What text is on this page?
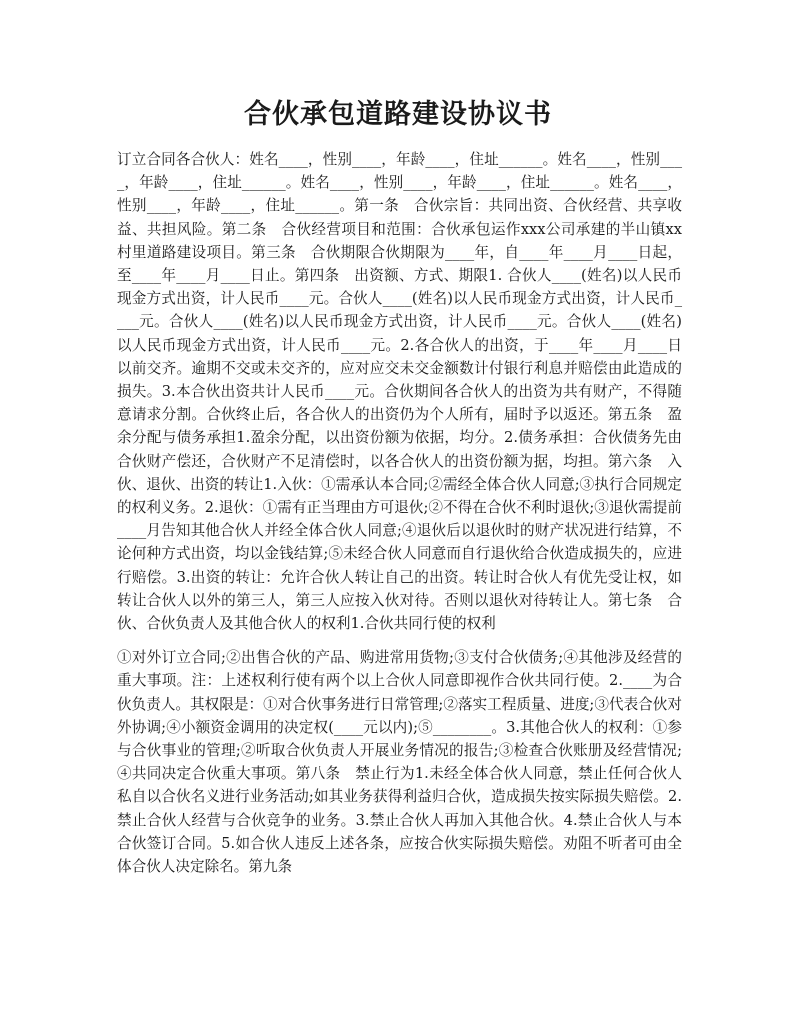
合伙承包道路建设协议书

订立合同各合伙人：姓名____，性别____，年龄____，住址______。姓名____，性别____，年龄____，住址______。姓名____，性别____，年龄____，住址______。姓名____，性别____，年龄____，住址______。第一条　合伙宗旨：共同出资、合伙经营、共享收益、共担风险。第二条　合伙经营项目和范围：合伙承包运作xxx公司承建的半山镇xx村里道路建设项目。第三条　合伙期限合伙期限为____年，自____年____月____日起，至____年____月____日止。第四条　出资额、方式、期限1. 合伙人____(姓名)以人民币现金方式出资，计人民币____元。合伙人____(姓名)以人民币现金方式出资，计人民币____元。合伙人____(姓名)以人民币现金方式出资，计人民币____元。合伙人____(姓名)以人民币现金方式出资，计人民币____元。2.各合伙人的出资，于____年____月____日以前交齐。逾期不交或未交齐的，应对应交未交金额数计付银行利息并赔偿由此造成的损失。3.本合伙出资共计人民币____元。合伙期间各合伙人的出资为共有财产，不得随意请求分割。合伙终止后，各合伙人的出资仍为个人所有，届时予以返还。第五条　盈余分配与债务承担1.盈余分配，以出资份额为依据，均分。2.债务承担：合伙债务先由合伙财产偿还，合伙财产不足清偿时，以各合伙人的出资份额为据，均担。第六条　入伙、退伙、出资的转让1.入伙：①需承认本合同;②需经全体合伙人同意;③执行合同规定的权利义务。2.退伙：①需有正当理由方可退伙;②不得在合伙不利时退伙;③退伙需提前____月告知其他合伙人并经全体合伙人同意;④退伙后以退伙时的财产状况进行结算，不论何种方式出资，均以金钱结算;⑤未经合伙人同意而自行退伙给合伙造成损失的，应进行赔偿。3.出资的转让：允许合伙人转让自己的出资。转让时合伙人有优先受让权，如转让合伙人以外的第三人，第三人应按入伙对待。否则以退伙对待转让人。第七条　合伙、合伙负责人及其他合伙人的权利1.合伙共同行使的权利

①对外订立合同;②出售合伙的产品、购进常用货物;③支付合伙债务;④其他涉及经营的重大事项。注：上述权利行使有两个以上合伙人同意即视作合伙共同行使。2.____为合伙负责人。其权限是：①对合伙事务进行日常管理;②落实工程质量、进度;③代表合伙对外协调;④小额资金调用的决定权(____元以内);⑤________。3.其他合伙人的权利：①参与合伙事业的管理;②听取合伙负责人开展业务情况的报告;③检查合伙账册及经营情况;④共同决定合伙重大事项。第八条　禁止行为1.未经全体合伙人同意，禁止任何合伙人私自以合伙名义进行业务活动;如其业务获得利益归合伙，造成损失按实际损失赔偿。2.禁止合伙人经营与合伙竞争的业务。3.禁止合伙人再加入其他合伙。4.禁止合伙人与本合伙签订合同。5.如合伙人违反上述各条，应按合伙实际损失赔偿。劝阻不听者可由全体合伙人决定除名。第九条
